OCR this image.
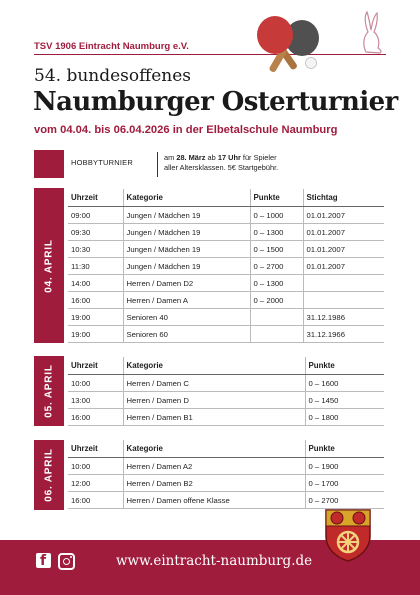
TSV 1906 Eintracht Naumburg e.V.
54. bundesoffenes
Naumburger Osterturnier
vom 04.04. bis 06.04.2026 in der Elbetalschule Naumburg
HOBBYTURNIER
am 28. März ab 17 Uhr für Spieler
aller Altersklassen. 5€ Startgebühr.
04. APRIL
Uhrzeit	Kategorie	Punkte	Stichtag
09:00	Jungen / Mädchen 19	0 – 1000	01.01.2007
09:30	Jungen / Mädchen 19	0 – 1300	01.01.2007
10:30	Jungen / Mädchen 19	0 – 1500	01.01.2007
11:30	Jungen / Mädchen 19	0 – 2700	01.01.2007
14:00	Herren / Damen D2	0 – 1300	
16:00	Herren / Damen A	0 – 2000	
19:00	Senioren 40		31.12.1986
19:00	Senioren 60		31.12.1966
05. APRIL Uhrzeit	Kategorie	Punkte
10:00	Herren / Damen C	0 – 1600
13:00	Herren / Damen D	0 – 1450
16:00	Herren / Damen B1	0 – 1800
06. APRIL Uhrzeit	Kategorie	Punkte
10:00	Herren / Damen A2	0 – 1900
12:00	Herren / Damen B2	0 – 1700
16:00	Herren / Damen offene Klasse	0 – 2700
f	www.eintracht-naumburg.de
